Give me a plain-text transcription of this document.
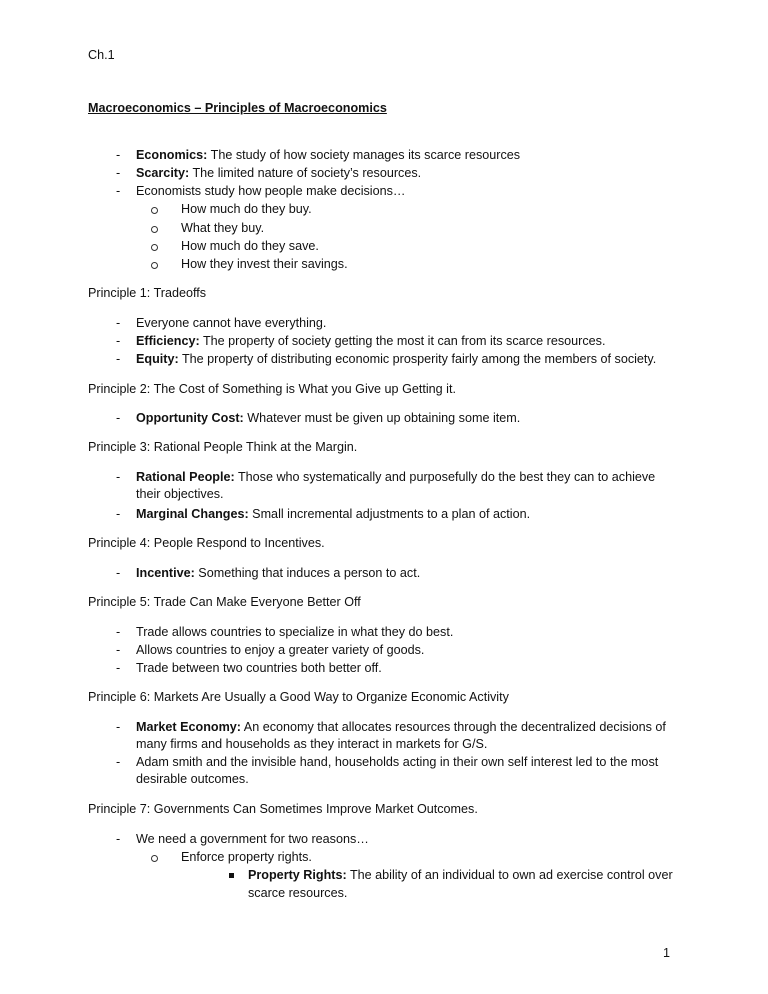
Ch.1
Macroeconomics – Principles of Macroeconomics
- Economics: The study of how society manages its scarce resources
- Scarcity: The limited nature of society’s resources.
- Economists study how people make decisions…
How much do they buy.
What they buy.
How much do they save.
How they invest their savings.
Principle 1: Tradeoffs
- Everyone cannot have everything.
- Efficiency: The property of society getting the most it can from its scarce resources.
- Equity: The property of distributing economic prosperity fairly among the members of society.
Principle 2: The Cost of Something is What you Give up Getting it.
- Opportunity Cost: Whatever must be given up obtaining some item.
Principle 3: Rational People Think at the Margin.
- Rational People: Those who systematically and purposefully do the best they can to achieve
their objectives.
- Marginal Changes: Small incremental adjustments to a plan of action.
Principle 4: People Respond to Incentives.
- Incentive: Something that induces a person to act.
Principle 5: Trade Can Make Everyone Better Off
- Trade allows countries to specialize in what they do best.
- Allows countries to enjoy a greater variety of goods.
- Trade between two countries both better off.
Principle 6: Markets Are Usually a Good Way to Organize Economic Activity
- Market Economy: An economy that allocates resources through the decentralized decisions of
many firms and households as they interact in markets for G/S.
- Adam smith and the invisible hand, households acting in their own self interest led to the most
desirable outcomes.
Principle 7: Governments Can Sometimes Improve Market Outcomes.
- We need a government for two reasons…
Enforce property rights.
Property Rights: The ability of an individual to own ad exercise control over
scarce resources.
1
